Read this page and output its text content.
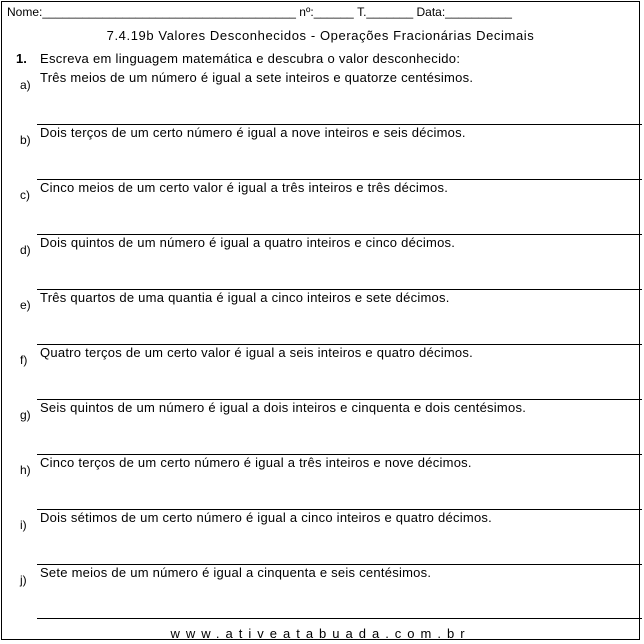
Nome:______________________________________ nº:______ T._______ Data:__________
7.4.19b Valores Desconhecidos - Operações Fracionárias Decimais
1. Escreva em linguagem matemática e descubra o valor desconhecido:
a) Três meios de um número é igual a sete inteiros e quatorze centésimos.
b) Dois terços de um certo número é igual a nove inteiros e seis décimos.
c) Cinco meios de um certo valor é igual a três inteiros e três décimos.
d) Dois quintos de um número é igual a quatro inteiros e cinco décimos.
e) Três quartos de uma quantia é igual a cinco inteiros e sete décimos.
f) Quatro terços de um certo valor é igual a seis inteiros e quatro décimos.
g) Seis quintos de um número é igual a dois inteiros e cinquenta e dois centésimos.
h) Cinco terços de um certo número é igual a três inteiros e nove décimos.
i) Dois sétimos de um certo número é igual a cinco inteiros e quatro décimos.
j) Sete meios de um número é igual a cinquenta e seis centésimos.
www.ativeatabuada.com.br
